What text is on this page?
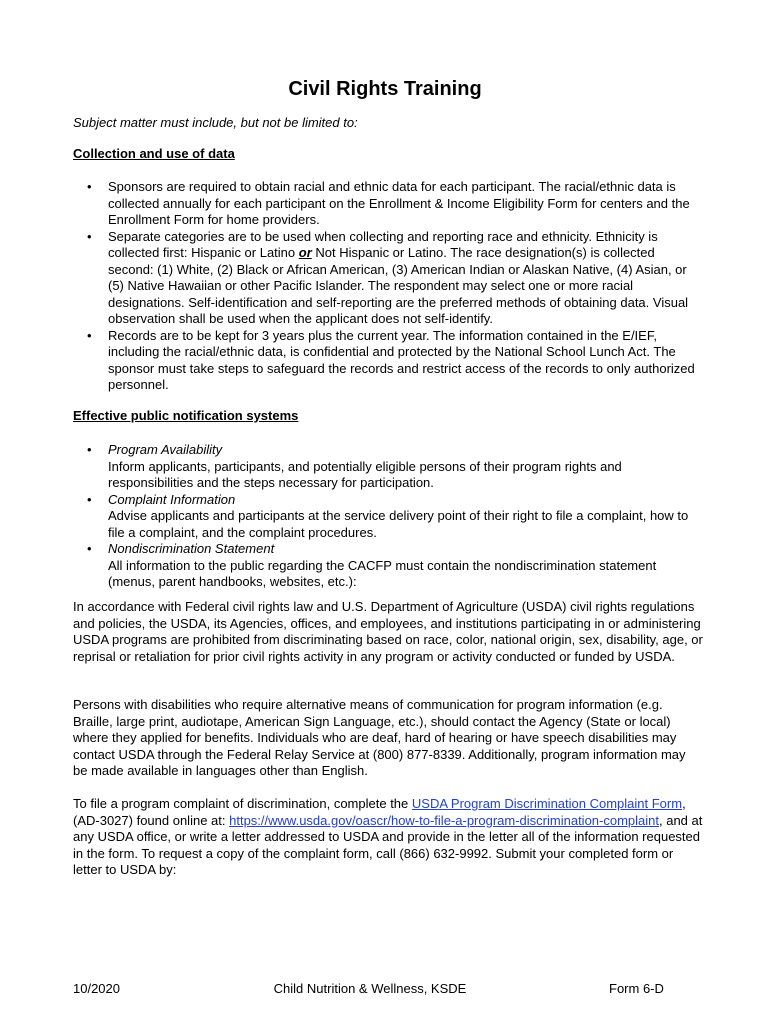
Civil Rights Training

Subject matter must include, but not be limited to:

Collection and use of data

• Sponsors are required to obtain racial and ethnic data for each participant. The racial/ethnic data is collected annually for each participant on the Enrollment & Income Eligibility Form for centers and the Enrollment Form for home providers.
• Separate categories are to be used when collecting and reporting race and ethnicity. Ethnicity is collected first: Hispanic or Latino or Not Hispanic or Latino. The race designation(s) is collected second: (1) White, (2) Black or African American, (3) American Indian or Alaskan Native, (4) Asian, or (5) Native Hawaiian or other Pacific Islander. The respondent may select one or more racial designations. Self-identification and self-reporting are the preferred methods of obtaining data. Visual observation shall be used when the applicant does not self-identify.
• Records are to be kept for 3 years plus the current year. The information contained in the E/IEF, including the racial/ethnic data, is confidential and protected by the National School Lunch Act. The sponsor must take steps to safeguard the records and restrict access of the records to only authorized personnel.

Effective public notification systems

• Program Availability
Inform applicants, participants, and potentially eligible persons of their program rights and responsibilities and the steps necessary for participation.
• Complaint Information
Advise applicants and participants at the service delivery point of their right to file a complaint, how to file a complaint, and the complaint procedures.
• Nondiscrimination Statement
All information to the public regarding the CACFP must contain the nondiscrimination statement (menus, parent handbooks, websites, etc.):

In accordance with Federal civil rights law and U.S. Department of Agriculture (USDA) civil rights regulations and policies, the USDA, its Agencies, offices, and employees, and institutions participating in or administering USDA programs are prohibited from discriminating based on race, color, national origin, sex, disability, age, or reprisal or retaliation for prior civil rights activity in any program or activity conducted or funded by USDA.

Persons with disabilities who require alternative means of communication for program information (e.g. Braille, large print, audiotape, American Sign Language, etc.), should contact the Agency (State or local) where they applied for benefits. Individuals who are deaf, hard of hearing or have speech disabilities may contact USDA through the Federal Relay Service at (800) 877-8339. Additionally, program information may be made available in languages other than English.

To file a program complaint of discrimination, complete the USDA Program Discrimination Complaint Form, (AD-3027) found online at: https://www.usda.gov/oascr/how-to-file-a-program-discrimination-complaint, and at any USDA office, or write a letter addressed to USDA and provide in the letter all of the information requested in the form. To request a copy of the complaint form, call (866) 632-9992. Submit your completed form or letter to USDA by:

10/2020	Child Nutrition & Wellness, KSDE	Form 6-D
